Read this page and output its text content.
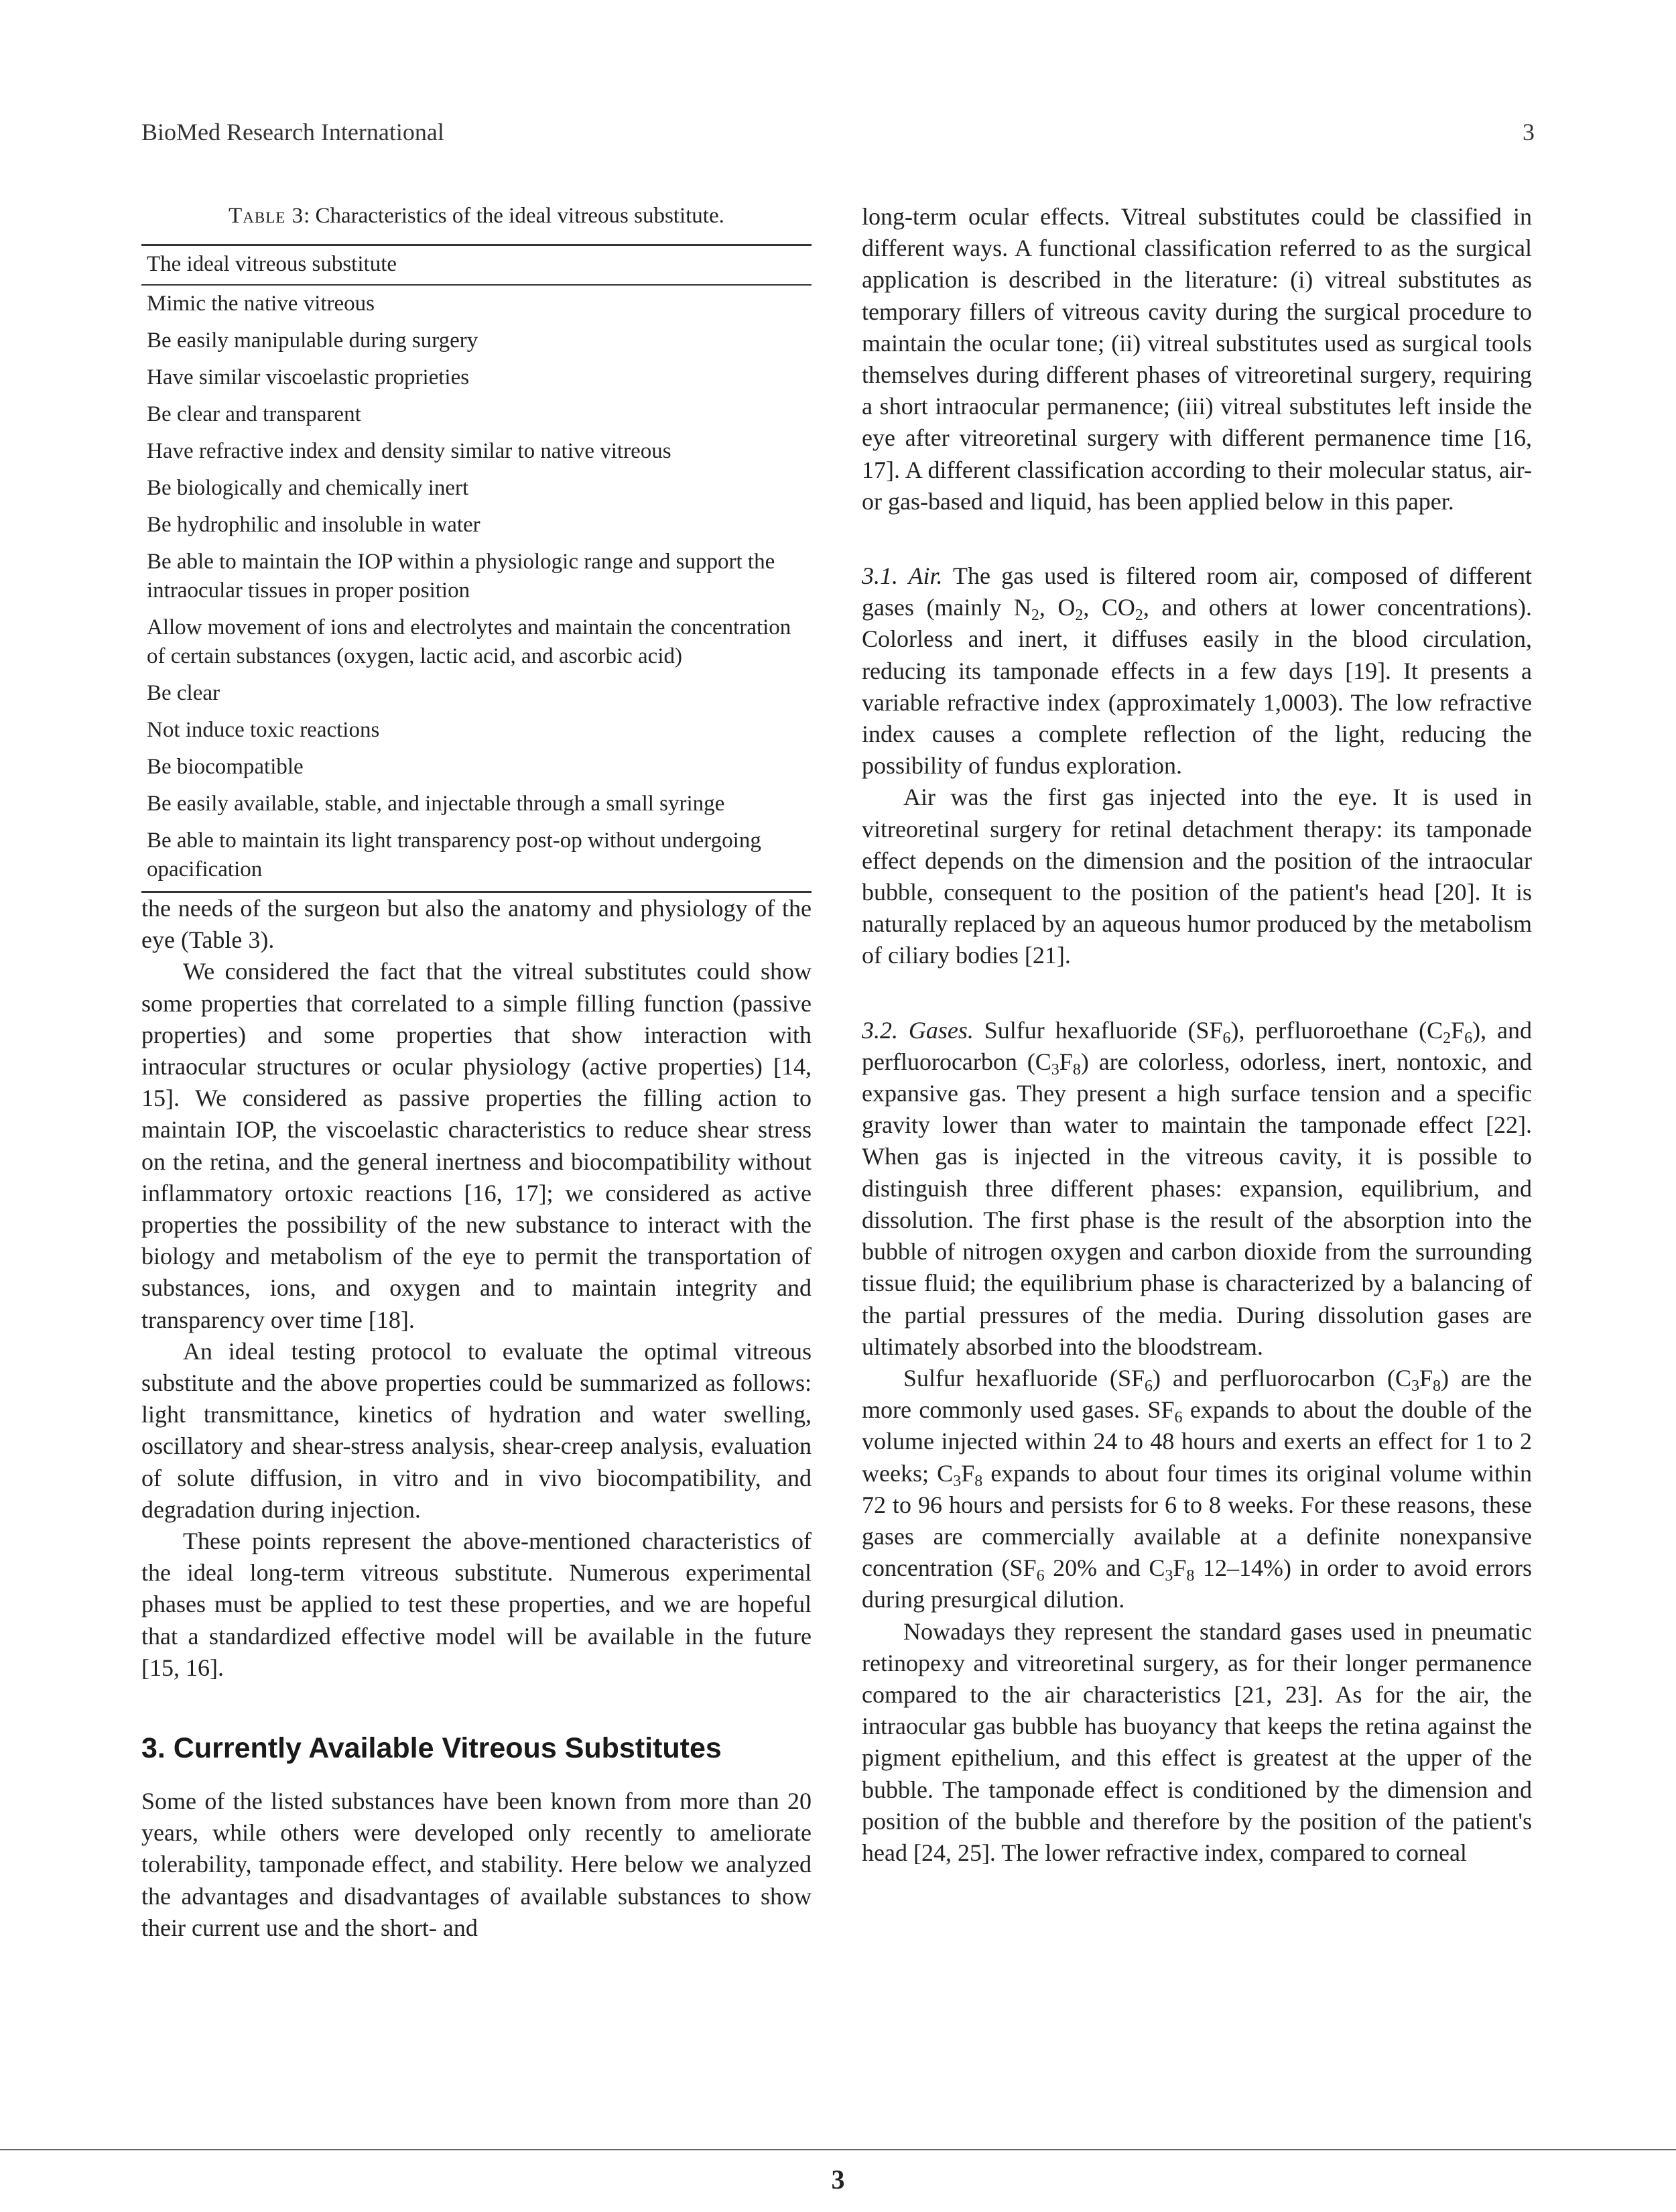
BioMed Research International	3
Table 3: Characteristics of the ideal vitreous substitute.
The ideal vitreous substitute
Mimic the native vitreous
Be easily manipulable during surgery
Have similar viscoelastic proprieties
Be clear and transparent
Have refractive index and density similar to native vitreous
Be biologically and chemically inert
Be hydrophilic and insoluble in water
Be able to maintain the IOP within a physiologic range and support the intraocular tissues in proper position
Allow movement of ions and electrolytes and maintain the concentration of certain substances (oxygen, lactic acid, and ascorbic acid)
Be clear
Not induce toxic reactions
Be biocompatible
Be easily available, stable, and injectable through a small syringe
Be able to maintain its light transparency post-op without undergoing opacification

the needs of the surgeon but also the anatomy and physiology of the eye (Table 3).

We considered the fact that the vitreal substitutes could show some properties that correlated to a simple filling function (passive properties) and some properties that show interaction with intraocular structures or ocular physiology (active properties) [14, 15]. We considered as passive properties the filling action to maintain IOP, the viscoelastic characteristics to reduce shear stress on the retina, and the general inertness and biocompatibility without inflammatory ortoxic reactions [16, 17]; we considered as active properties the possibility of the new substance to interact with the biology and metabolism of the eye to permit the transportation of substances, ions, and oxygen and to maintain integrity and transparency over time [18].

An ideal testing protocol to evaluate the optimal vitreous substitute and the above properties could be summarized as follows: light transmittance, kinetics of hydration and water swelling, oscillatory and shear-stress analysis, shear-creep analysis, evaluation of solute diffusion, in vitro and in vivo biocompatibility, and degradation during injection.

These points represent the above-mentioned characteristics of the ideal long-term vitreous substitute. Numerous experimental phases must be applied to test these properties, and we are hopeful that a standardized effective model will be available in the future [15, 16].

3. Currently Available Vitreous Substitutes

Some of the listed substances have been known from more than 20 years, while others were developed only recently to ameliorate tolerability, tamponade effect, and stability. Here below we analyzed the advantages and disadvantages of available substances to show their current use and the short- and

long-term ocular effects. Vitreal substitutes could be classified in different ways. A functional classification referred to as the surgical application is described in the literature: (i) vitreal substitutes as temporary fillers of vitreous cavity during the surgical procedure to maintain the ocular tone; (ii) vitreal substitutes used as surgical tools themselves during different phases of vitreoretinal surgery, requiring a short intraocular permanence; (iii) vitreal substitutes left inside the eye after vitreoretinal surgery with different permanence time [16, 17]. A different classification according to their molecular status, air- or gas-based and liquid, has been applied below in this paper.

3.1. Air. The gas used is filtered room air, composed of different gases (mainly $N_2$, $O_2$, $CO_2$, and others at lower concentrations). Colorless and inert, it diffuses easily in the blood circulation, reducing its tamponade effects in a few days [19]. It presents a variable refractive index (approximately 1,0003). The low refractive index causes a complete reflection of the light, reducing the possibility of fundus exploration.

Air was the first gas injected into the eye. It is used in vitreoretinal surgery for retinal detachment therapy: its tamponade effect depends on the dimension and the position of the intraocular bubble, consequent to the position of the patient's head [20]. It is naturally replaced by an aqueous humor produced by the metabolism of ciliary bodies [21].

3.2. Gases. Sulfur hexafluoride $(SF_6)$, perfluoroethane $(C_2F_6)$, and perfluorocarbon $(C_3F_8)$ are colorless, odorless, inert, nontoxic, and expansive gas. They present a high surface tension and a specific gravity lower than water to maintain the tamponade effect [22]. When gas is injected in the vitreous cavity, it is possible to distinguish three different phases: expansion, equilibrium, and dissolution. The first phase is the result of the absorption into the bubble of nitrogen oxygen and carbon dioxide from the surrounding tissue fluid; the equilibrium phase is characterized by a balancing of the partial pressures of the media. During dissolution gases are ultimately absorbed into the bloodstream.

Sulfur hexafluoride $(SF_6)$ and perfluorocarbon $(C_3F_8)$ are the more commonly used gases. $SF_6$ expands to about the double of the volume injected within 24 to 48 hours and exerts an effect for 1 to 2 weeks; $C_3F_8$ expands to about four times its original volume within 72 to 96 hours and persists for 6 to 8 weeks. For these reasons, these gases are commercially available at a definite nonexpansive concentration ($SF_6$ 20% and $C_3F_8$ 12–14%) in order to avoid errors during presurgical dilution.

Nowadays they represent the standard gases used in pneumatic retinopexy and vitreoretinal surgery, as for their longer permanence compared to the air characteristics [21, 23]. As for the air, the intraocular gas bubble has buoyancy that keeps the retina against the pigment epithelium, and this effect is greatest at the upper of the bubble. The tamponade effect is conditioned by the dimension and position of the bubble and therefore by the position of the patient's head [24, 25]. The lower refractive index, compared to corneal

3
